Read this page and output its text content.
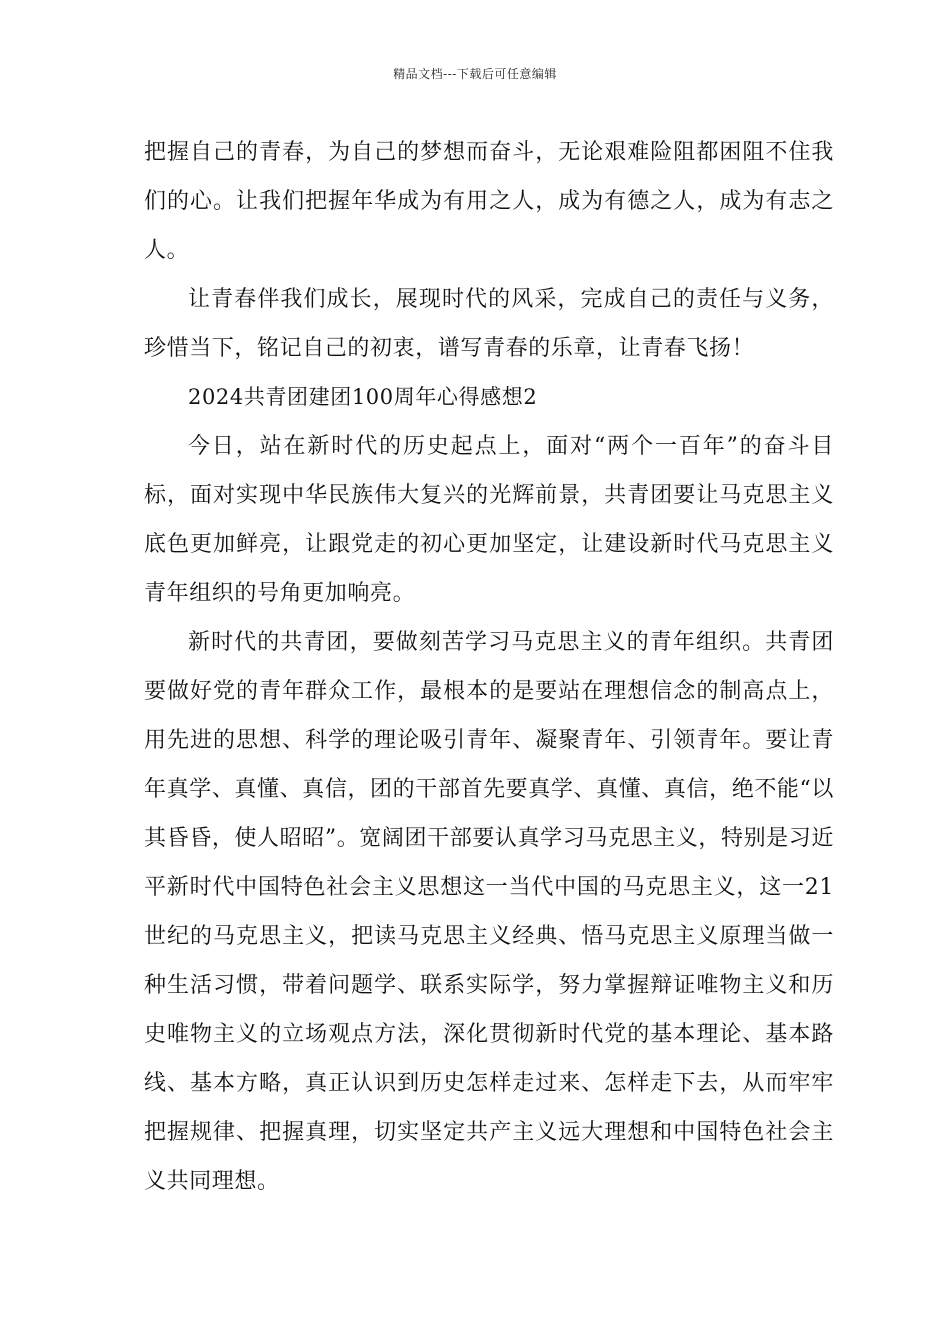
精品文档---下载后可任意编辑

把握自己的青春，为自己的梦想而奋斗，无论艰难险阻都困阻不住我们的心。让我们把握年华成为有用之人，成为有德之人，成为有志之人。

让青春伴我们成长，展现时代的风采，完成自己的责任与义务，珍惜当下，铭记自己的初衷，谱写青春的乐章，让青春飞扬！

2024共青团建团100周年心得感想2

今日，站在新时代的历史起点上，面对“两个一百年”的奋斗目标，面对实现中华民族伟大复兴的光辉前景，共青团要让马克思主义底色更加鲜亮，让跟党走的初心更加坚定，让建设新时代马克思主义青年组织的号角更加响亮。

新时代的共青团，要做刻苦学习马克思主义的青年组织。共青团要做好党的青年群众工作，最根本的是要站在理想信念的制高点上，用先进的思想、科学的理论吸引青年、凝聚青年、引领青年。要让青年真学、真懂、真信，团的干部首先要真学、真懂、真信，绝不能“以其昏昏，使人昭昭”。宽阔团干部要认真学习马克思主义，特别是习近平新时代中国特色社会主义思想这一当代中国的马克思主义，这一21世纪的马克思主义，把读马克思主义经典、悟马克思主义原理当做一种生活习惯，带着问题学、联系实际学，努力掌握辩证唯物主义和历史唯物主义的立场观点方法，深化贯彻新时代党的基本理论、基本路线、基本方略，真正认识到历史怎样走过来、怎样走下去，从而牢牢把握规律、把握真理，切实坚定共产主义远大理想和中国特色社会主义共同理想。
